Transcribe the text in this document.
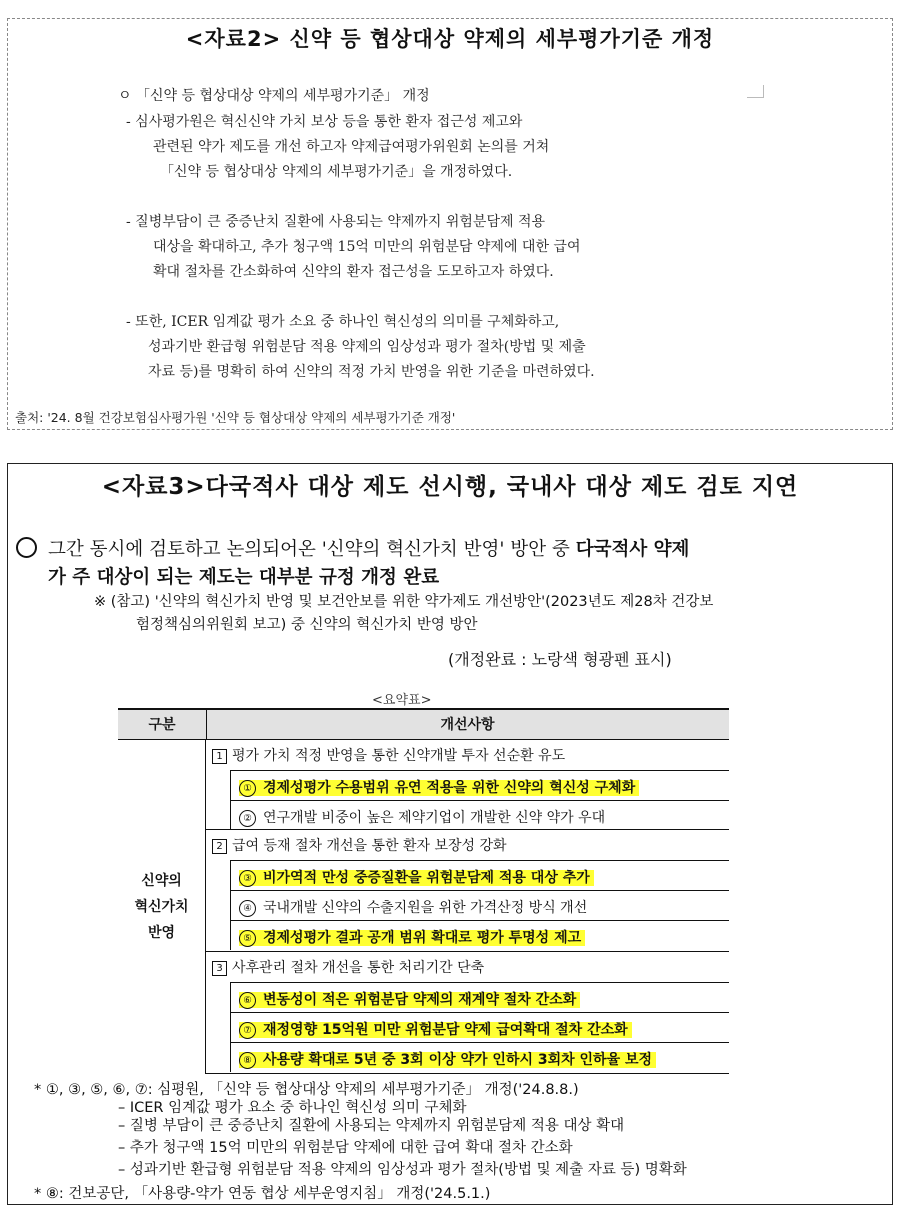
<자료2> 신약 등 협상대상 약제의 세부평가기준 개정
ㅇ 「신약 등 협상대상 약제의 세부평가기준」 개정
- 심사평가원은 혁신신약 가치 보상 등을 통한 환자 접근성 제고와
관련된 약가 제도를 개선 하고자 약제급여평가위원회 논의를 거쳐
「신약 등 협상대상 약제의 세부평가기준」을 개정하였다.
- 질병부담이 큰 중증난치 질환에 사용되는 약제까지 위험분담제 적용
대상을 확대하고, 추가 청구액 15억 미만의 위험분담 약제에 대한 급여
확대 절차를 간소화하여 신약의 환자 접근성을 도모하고자 하였다.
- 또한, ICER 임계값 평가 소요 중 하나인 혁신성의 의미를 구체화하고,
성과기반 환급형 위험분담 적용 약제의 임상성과 평가 절차(방법 및 제출
자료 등)를 명확히 하여 신약의 적정 가치 반영을 위한 기준을 마련하였다.
출처: '24. 8월 건강보험심사평가원 '신약 등 협상대상 약제의 세부평가기준 개정'
<자료3>다국적사 대상 제도 선시행, 국내사 대상 제도 검토 지연
그간 동시에 검토하고 논의되어온 '신약의 혁신가치 반영' 방안 중 다국적사 약제
가 주 대상이 되는 제도는 대부분 규정 개정 완료
※ (참고) '신약의 혁신가치 반영 및 보건안보를 위한 약가제도 개선방안'(2023년도 제28차 건강보
험정책심의위원회 보고) 중 신약의 혁신가치 반영 방안
(개정완료 : 노랑색 형광펜 표시)
<요약표>
구분	개선사항
신약의
혁신가치
반영
1 평가 가치 적정 반영을 통한 신약개발 투자 선순환 유도
① 경제성평가 수용범위 유연 적용을 위한 신약의 혁신성 구체화
② 연구개발 비중이 높은 제약기업이 개발한 신약 약가 우대
2 급여 등재 절차 개선을 통한 환자 보장성 강화
③ 비가역적 만성 중증질환을 위험분담제 적용 대상 추가
④ 국내개발 신약의 수출지원을 위한 가격산정 방식 개선
⑤ 경제성평가 결과 공개 범위 확대로 평가 투명성 제고
3 사후관리 절차 개선을 통한 처리기간 단축
⑥ 변동성이 적은 위험분담 약제의 재계약 절차 간소화
⑦ 재정영향 15억원 미만 위험분담 약제 급여확대 절차 간소화
⑧ 사용량 확대로 5년 중 3회 이상 약가 인하시 3회차 인하율 보정
* ①, ③, ⑤, ⑥, ⑦: 심평원, 「신약 등 협상대상 약제의 세부평가기준」 개정('24.8.8.)
– ICER 임계값 평가 요소 중 하나인 혁신성 의미 구체화
– 질병 부담이 큰 중증난치 질환에 사용되는 약제까지 위험분담제 적용 대상 확대
– 추가 청구액 15억 미만의 위험분담 약제에 대한 급여 확대 절차 간소화
– 성과기반 환급형 위험분담 적용 약제의 임상성과 평가 절차(방법 및 제출 자료 등) 명확화
* ⑧: 건보공단, 「사용량-약가 연동 협상 세부운영지침」 개정('24.5.1.)
